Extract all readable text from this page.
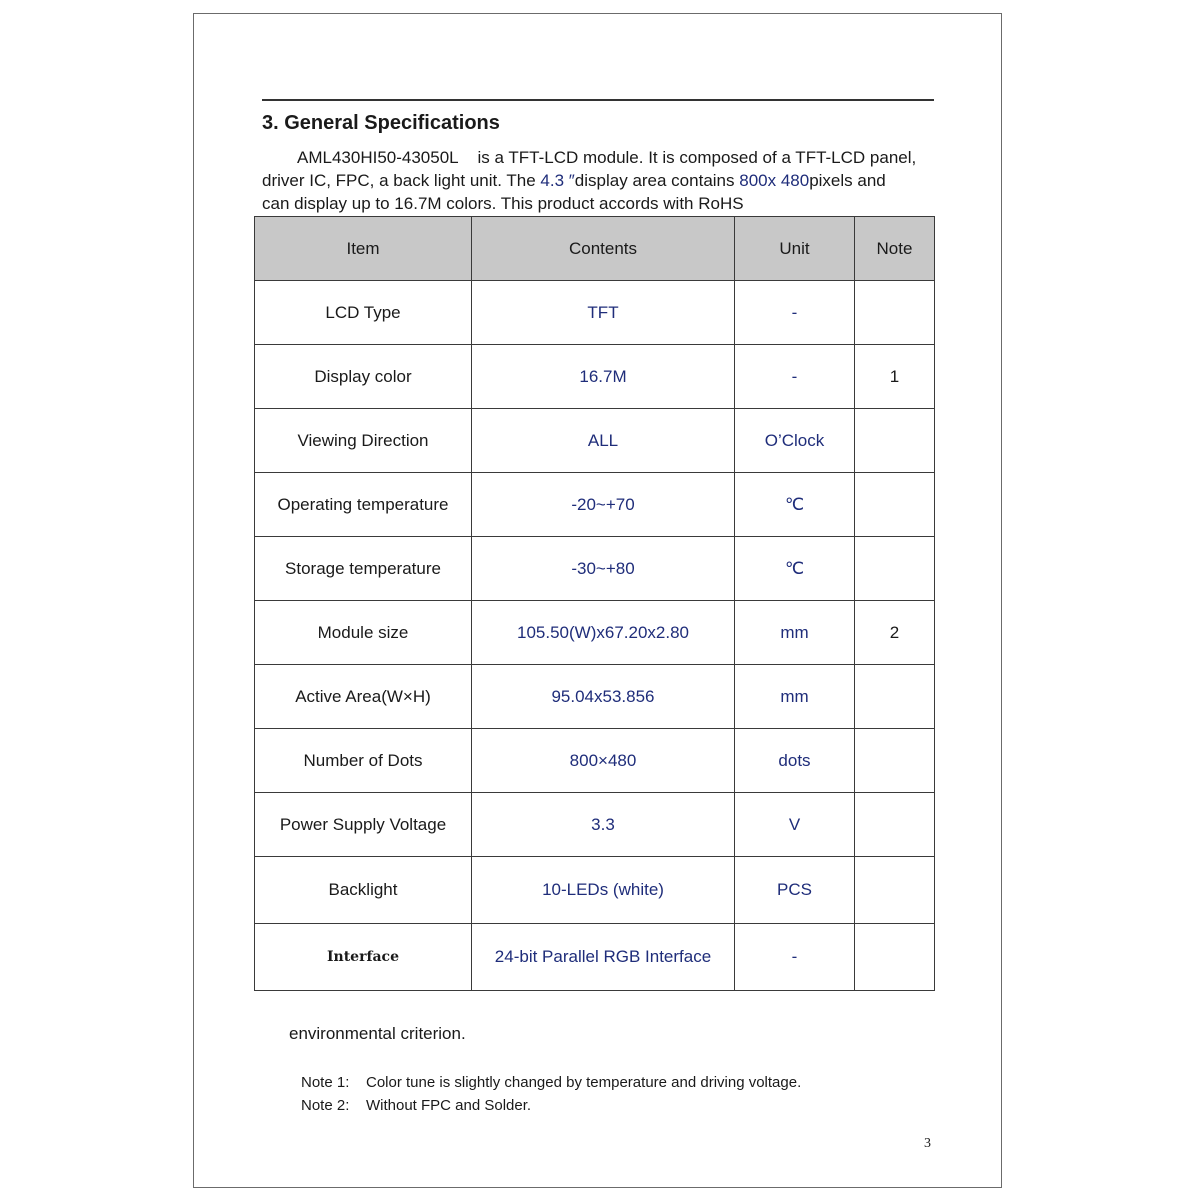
3. General Specifications
AML430HI50-43050L is a TFT-LCD module. It is composed of a TFT-LCD panel,
driver IC, FPC, a back light unit. The 4.3 ″display area contains 800x 480pixels and
can display up to 16.7M colors. This product accords with RoHS
Item	Contents	Unit	Note
LCD Type	TFT	-	
Display color	16.7M	-	1
Viewing Direction	ALL	O’Clock	
Operating temperature	-20~+70	℃	
Storage temperature	-30~+80	℃	
Module size	105.50(W)x67.20x2.80	mm	2
Active Area(W×H)	95.04x53.856	mm	
Number of Dots	800×480	dots	
Power Supply Voltage	3.3	V	
Backlight	10-LEDs (white)	PCS	
Interface	24-bit Parallel RGB Interface	-	
environmental criterion.
Note 1: Color tune is slightly changed by temperature and driving voltage.
Note 2: Without FPC and Solder.
3
